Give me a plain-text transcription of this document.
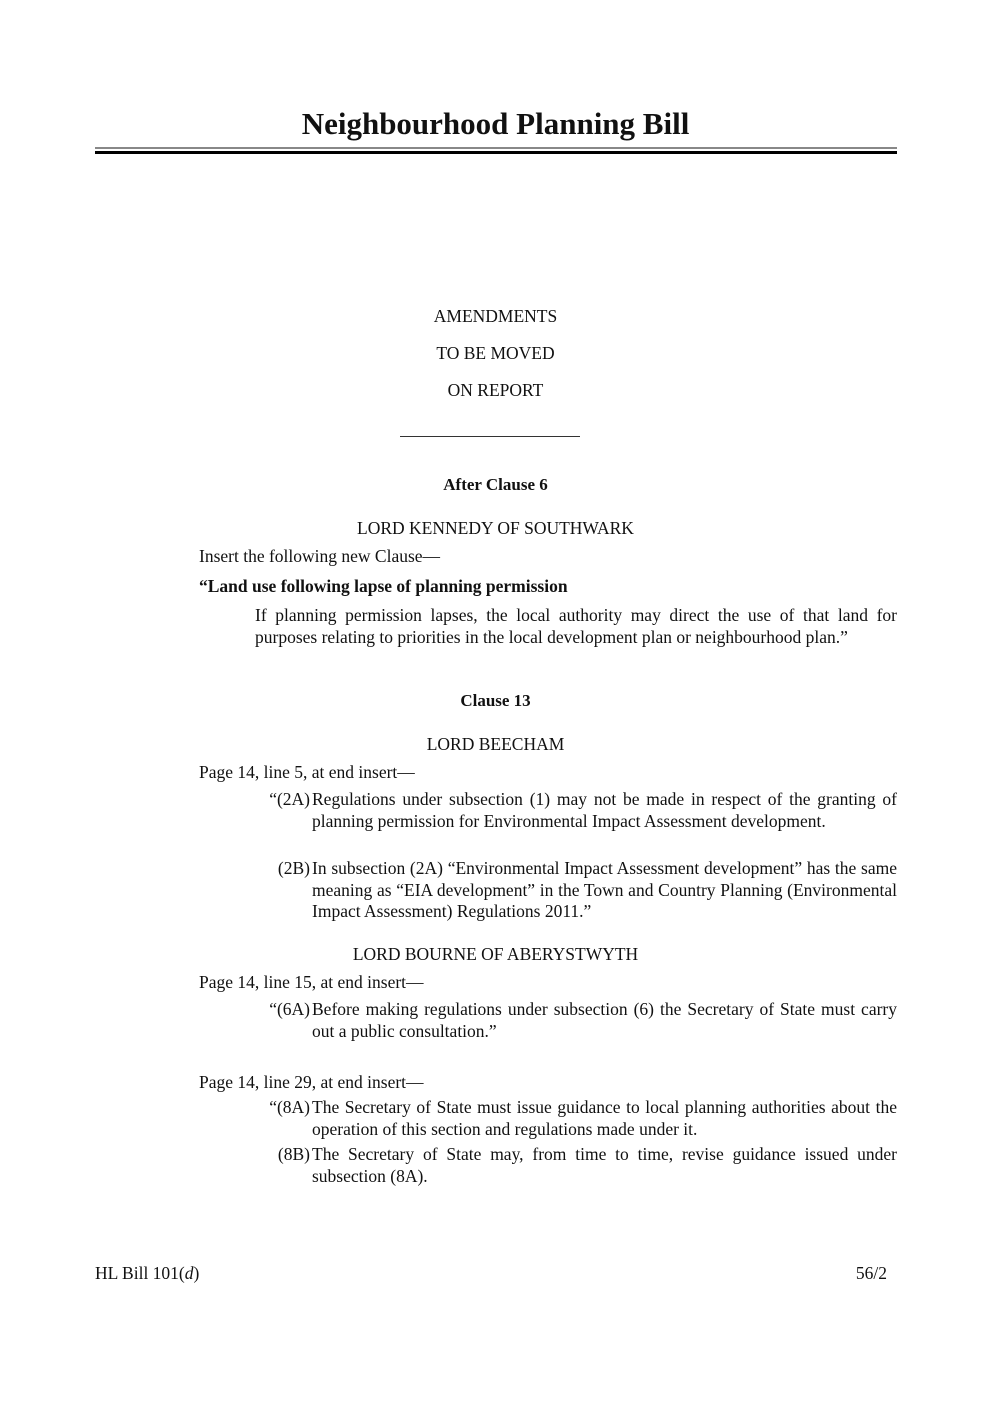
Neighbourhood Planning Bill
AMENDMENTS
TO BE MOVED
ON REPORT
After Clause 6
LORD KENNEDY OF SOUTHWARK
Insert the following new Clause—
“Land use following lapse of planning permission
If planning permission lapses, the local authority may direct the use of that land for purposes relating to priorities in the local development plan or neighbourhood plan.”
Clause 13
LORD BEECHAM
Page 14, line 5, at end insert—
“(2A) Regulations under subsection (1) may not be made in respect of the granting of planning permission for Environmental Impact Assessment development.
(2B) In subsection (2A) “Environmental Impact Assessment development” has the same meaning as “EIA development” in the Town and Country Planning (Environmental Impact Assessment) Regulations 2011.”
LORD BOURNE OF ABERYSTWYTH
Page 14, line 15, at end insert—
“(6A) Before making regulations under subsection (6) the Secretary of State must carry out a public consultation.”
Page 14, line 29, at end insert—
“(8A) The Secretary of State must issue guidance to local planning authorities about the operation of this section and regulations made under it.
(8B) The Secretary of State may, from time to time, revise guidance issued under subsection (8A).
HL Bill 101(d)	56/2
